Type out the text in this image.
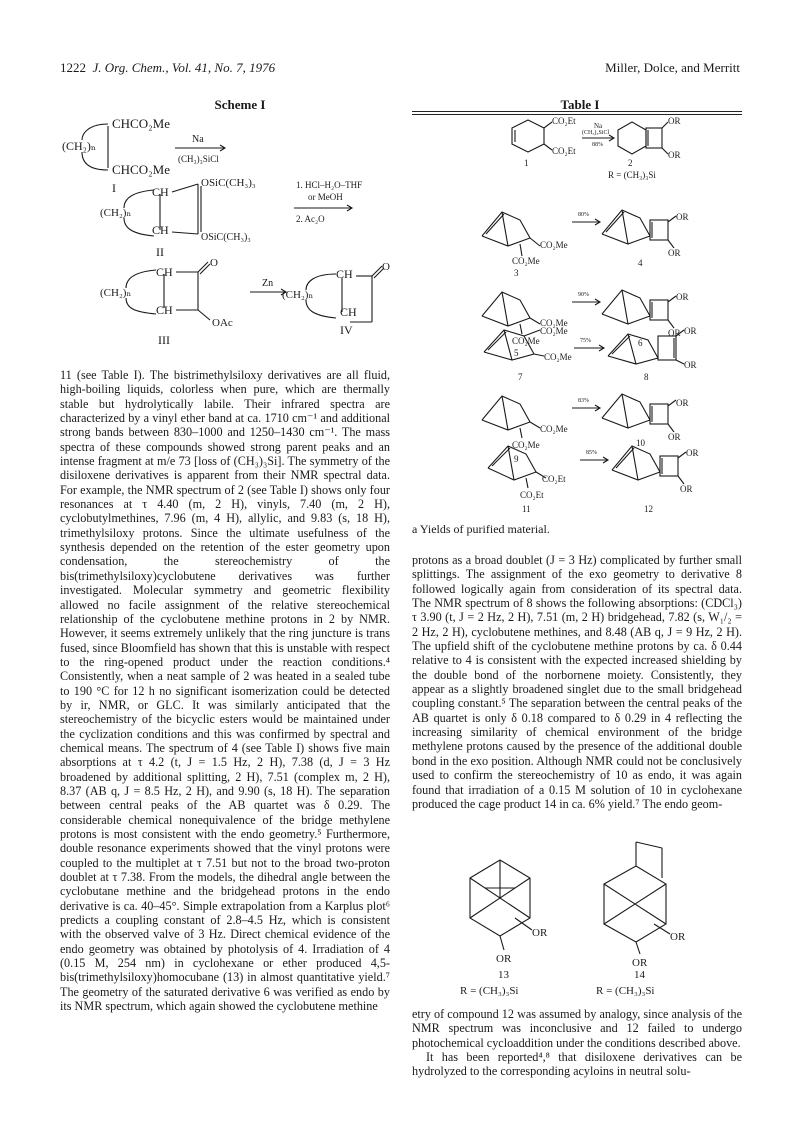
1222 J. Org. Chem., Vol. 41, No. 7, 1976	Miller, Dolce, and Merritt
Scheme I
CHCO₂Me
CHCO₂Me
(CH₂)ₙ
I
Na
(CH₃)₃SiCl
CH
CH
OSiC(CH₃)₃
OSiC(CH₃)₃
(CH₂)ₙ
II
1. HCl–H₂O–THF
or MeOH
2. Ac₂O
CH
CH
O
OAc
(CH₂)ₙ
III
Zn
CH
CH
O
(CH₂)ₙ
IV
Table I
CO₂Et
CO₂Et
1
Na
(CH₃)₃SiCl
88%
OR
OR
2
R = (CH₃)₃Si
CO₂Me
CO₂Me
3
80%	OR
OR
4
CO₂Me
CO₂Me
5
90%	OR
OR
6
CO₂Me
CO₂Me
7
75%
OR
OR
8
CO₂Me
CO₂Me
9
83%	OR
OR
10
CO₂Et
CO₂Et
11
85%	OR
OR
12
a Yields of purified material.

11 (see Table I). The bistrimethylsiloxy derivatives are all fluid, high-boiling liquids, colorless when pure, which are thermally stable but hydrolytically labile. Their infrared spectra are characterized by a vinyl ether band at ca. 1710 cm⁻¹ and additional strong bands between 830–1000 and 1250–1430 cm⁻¹. The mass spectra of these compounds showed strong parent peaks and an intense fragment at m/e 73 [loss of (CH₃)₃Si]. The symmetry of the disiloxene derivatives is apparent from their NMR spectral data. For example, the NMR spectrum of 2 (see Table I) shows only four resonances at τ 4.40 (m, 2 H), vinyls, 7.40 (m, 2 H), cyclobutylmethines, 7.96 (m, 4 H), allylic, and 9.83 (s, 18 H), trimethylsiloxy protons. Since the ultimate usefulness of the synthesis depended on the retention of the ester geometry upon condensation, the stereochemistry of the bis(trimethylsiloxy)cyclobutene derivatives was further investigated. Molecular symmetry and geometric flexibility allowed no facile assignment of the relative stereochemical relationship of the cyclobutene methine protons in 2 by NMR. However, it seems extremely unlikely that the ring juncture is trans fused, since Bloomfield has shown that this is unstable with respect to the ring-opened product under the reaction conditions.⁴ Consistently, when a neat sample of 2 was heated in a sealed tube to 190 °C for 12 h no significant isomerization could be detected by ir, NMR, or GLC. It was similarly anticipated that the stereochemistry of the bicyclic esters would be maintained under the cyclization conditions and this was confirmed by spectral and chemical means. The spectrum of 4 (see Table I) shows five main absorptions at τ 4.2 (t, J = 1.5 Hz, 2 H), 7.38 (d, J = 3 Hz broadened by additional splitting, 2 H), 7.51 (complex m, 2 H), 8.37 (AB q, J = 8.5 Hz, 2 H), and 9.90 (s, 18 H). The separation between central peaks of the AB quartet was δ 0.29. The considerable chemical nonequivalence of the bridge methylene protons is most consistent with the endo geometry.⁵ Furthermore, double resonance experiments showed that the vinyl protons were coupled to the multiplet at τ 7.51 but not to the broad two-proton doublet at τ 7.38. From the models, the dihedral angle between the cyclobutane methine and the bridgehead protons in the endo derivative is ca. 40–45°. Simple extrapolation from a Karplus plot⁶ predicts a coupling constant of 2.8–4.5 Hz, which is consistent with the observed valve of 3 Hz. Direct chemical evidence of the endo geometry was obtained by photolysis of 4. Irradiation of 4 (0.15 M, 254 nm) in cyclohexane or ether produced 4,5-bis(trimethylsiloxy)homocubane (13) in almost quantitative yield.⁷ The geometry of the saturated derivative 6 was verified as endo by its NMR spectrum, which again showed the cyclobutene methine

protons as a broad doublet (J = 3 Hz) complicated by further small splittings. The assignment of the exo geometry to derivative 8 followed logically again from consideration of its spectral data. The NMR spectrum of 8 shows the following absorptions: (CDCl₃) τ 3.90 (t, J = 2 Hz, 2 H), 7.51 (m, 2 H) bridgehead, 7.82 (s, W₁/₂ = 2 Hz, 2 H), cyclobutene methines, and 8.48 (AB q, J = 9 Hz, 2 H). The upfield shift of the cyclobutene methine protons by ca. δ 0.44 relative to 4 is consistent with the expected increased shielding by the double bond of the norbornene moiety. Consistently, they appear as a slightly broadened singlet due to the small bridgehead coupling constant.⁵ The separation between the central peaks of the AB quartet is only δ 0.18 compared to δ 0.29 in 4 reflecting the increasing similarity of chemical environment of the bridge methylene protons caused by the presence of the additional double bond in the exo position. Although NMR could not be conclusively used to confirm the stereochemistry of 10 as endo, it was again found that irradiation of a 0.15 M solution of 10 in cyclohexane produced the cage product 14 in ca. 6% yield.⁷ The endo geom-

OR
OR
13
R = (CH₃)₃Si
OR
OR
14
R = (CH₃)₃Si

etry of compound 12 was assumed by analogy, since analysis of the NMR spectrum was inconclusive and 12 failed to undergo photochemical cycloaddition under the conditions described above.

It has been reported⁴,⁸ that disiloxene derivatives can be hydrolyzed to the corresponding acyloins in neutral solu-
